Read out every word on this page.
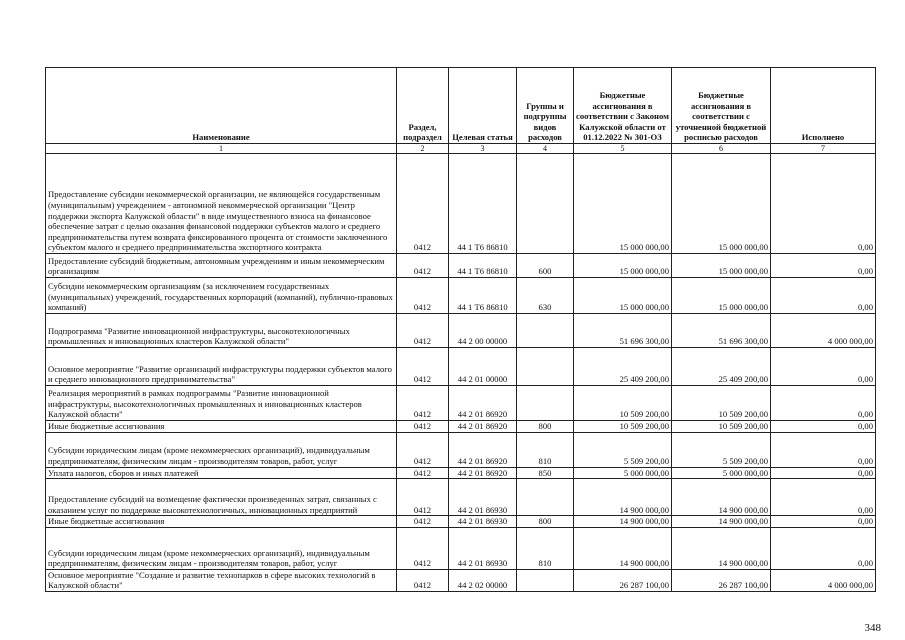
Наименование	Раздел, подраздел	Целевая статья	Группы и подгруппы видов расходов	Бюджетные ассигнования в соответствии с Законом Калужской области от 01.12.2022 № 301-ОЗ	Бюджетные ассигнования в соответствии с уточненной бюджетной росписью расходов	Исполнено
1	2	3	4	5	6	7
Предоставление субсидии некоммерческой организации, не являющейся государственным (муниципальным) учреждением - автономной некоммерческой организации "Центр поддержки экспорта Калужской области" в виде имущественного взноса на финансовое обеспечение затрат с целью оказания финансовой поддержки субъектов малого и среднего предпринимательства путем возврата фиксированного процента от стоимости заключенного субъектом малого и среднего предпринимательства экспортного контракта	0412	44 1 Т6 86810		15 000 000,00	15 000 000,00	0,00
Предоставление субсидий бюджетным, автономным учреждениям и иным некоммерческим организациям	0412	44 1 Т6 86810	600	15 000 000,00	15 000 000,00	0,00
Субсидии некоммерческим организациям (за исключением государственных (муниципальных) учреждений, государственных корпораций (компаний), публично-правовых компаний)	0412	44 1 Т6 86810	630	15 000 000,00	15 000 000,00	0,00
Подпрограмма "Развитие инновационной инфраструктуры, высокотехнологичных промышленных и инновационных кластеров Калужской области"	0412	44 2 00 00000		51 696 300,00	51 696 300,00	4 000 000,00
Основное мероприятие "Развитие организаций инфраструктуры поддержки субъектов малого и среднего инновационного предпринимательства"	0412	44 2 01 00000		25 409 200,00	25 409 200,00	0,00
Реализация мероприятий в рамках подпрограммы "Развитие инновационной инфраструктуры, высокотехнологичных промышленных и инновационных кластеров Калужской области"	0412	44 2 01 86920		10 509 200,00	10 509 200,00	0,00
Иные бюджетные ассигнования	0412	44 2 01 86920	800	10 509 200,00	10 509 200,00	0,00
Субсидии юридическим лицам (кроме некоммерческих организаций), индивидуальным предпринимателям, физическим лицам - производителям товаров, работ, услуг	0412	44 2 01 86920	810	5 509 200,00	5 509 200,00	0,00
Уплата налогов, сборов и иных платежей	0412	44 2 01 86920	850	5 000 000,00	5 000 000,00	0,00
Предоставление субсидий на возмещение фактически произведенных затрат, связанных с оказанием услуг по поддержке высокотехнологичных, инновационных предприятий	0412	44 2 01 86930		14 900 000,00	14 900 000,00	0,00
Иные бюджетные ассигнования	0412	44 2 01 86930	800	14 900 000,00	14 900 000,00	0,00
Субсидии юридическим лицам (кроме некоммерческих организаций), индивидуальным предпринимателям, физическим лицам - производителям товаров, работ, услуг	0412	44 2 01 86930	810	14 900 000,00	14 900 000,00	0,00
Основное мероприятие "Создание и развитие технопарков в сфере высоких технологий в Калужской области"	0412	44 2 02 00000		26 287 100,00	26 287 100,00	4 000 000,00
348
